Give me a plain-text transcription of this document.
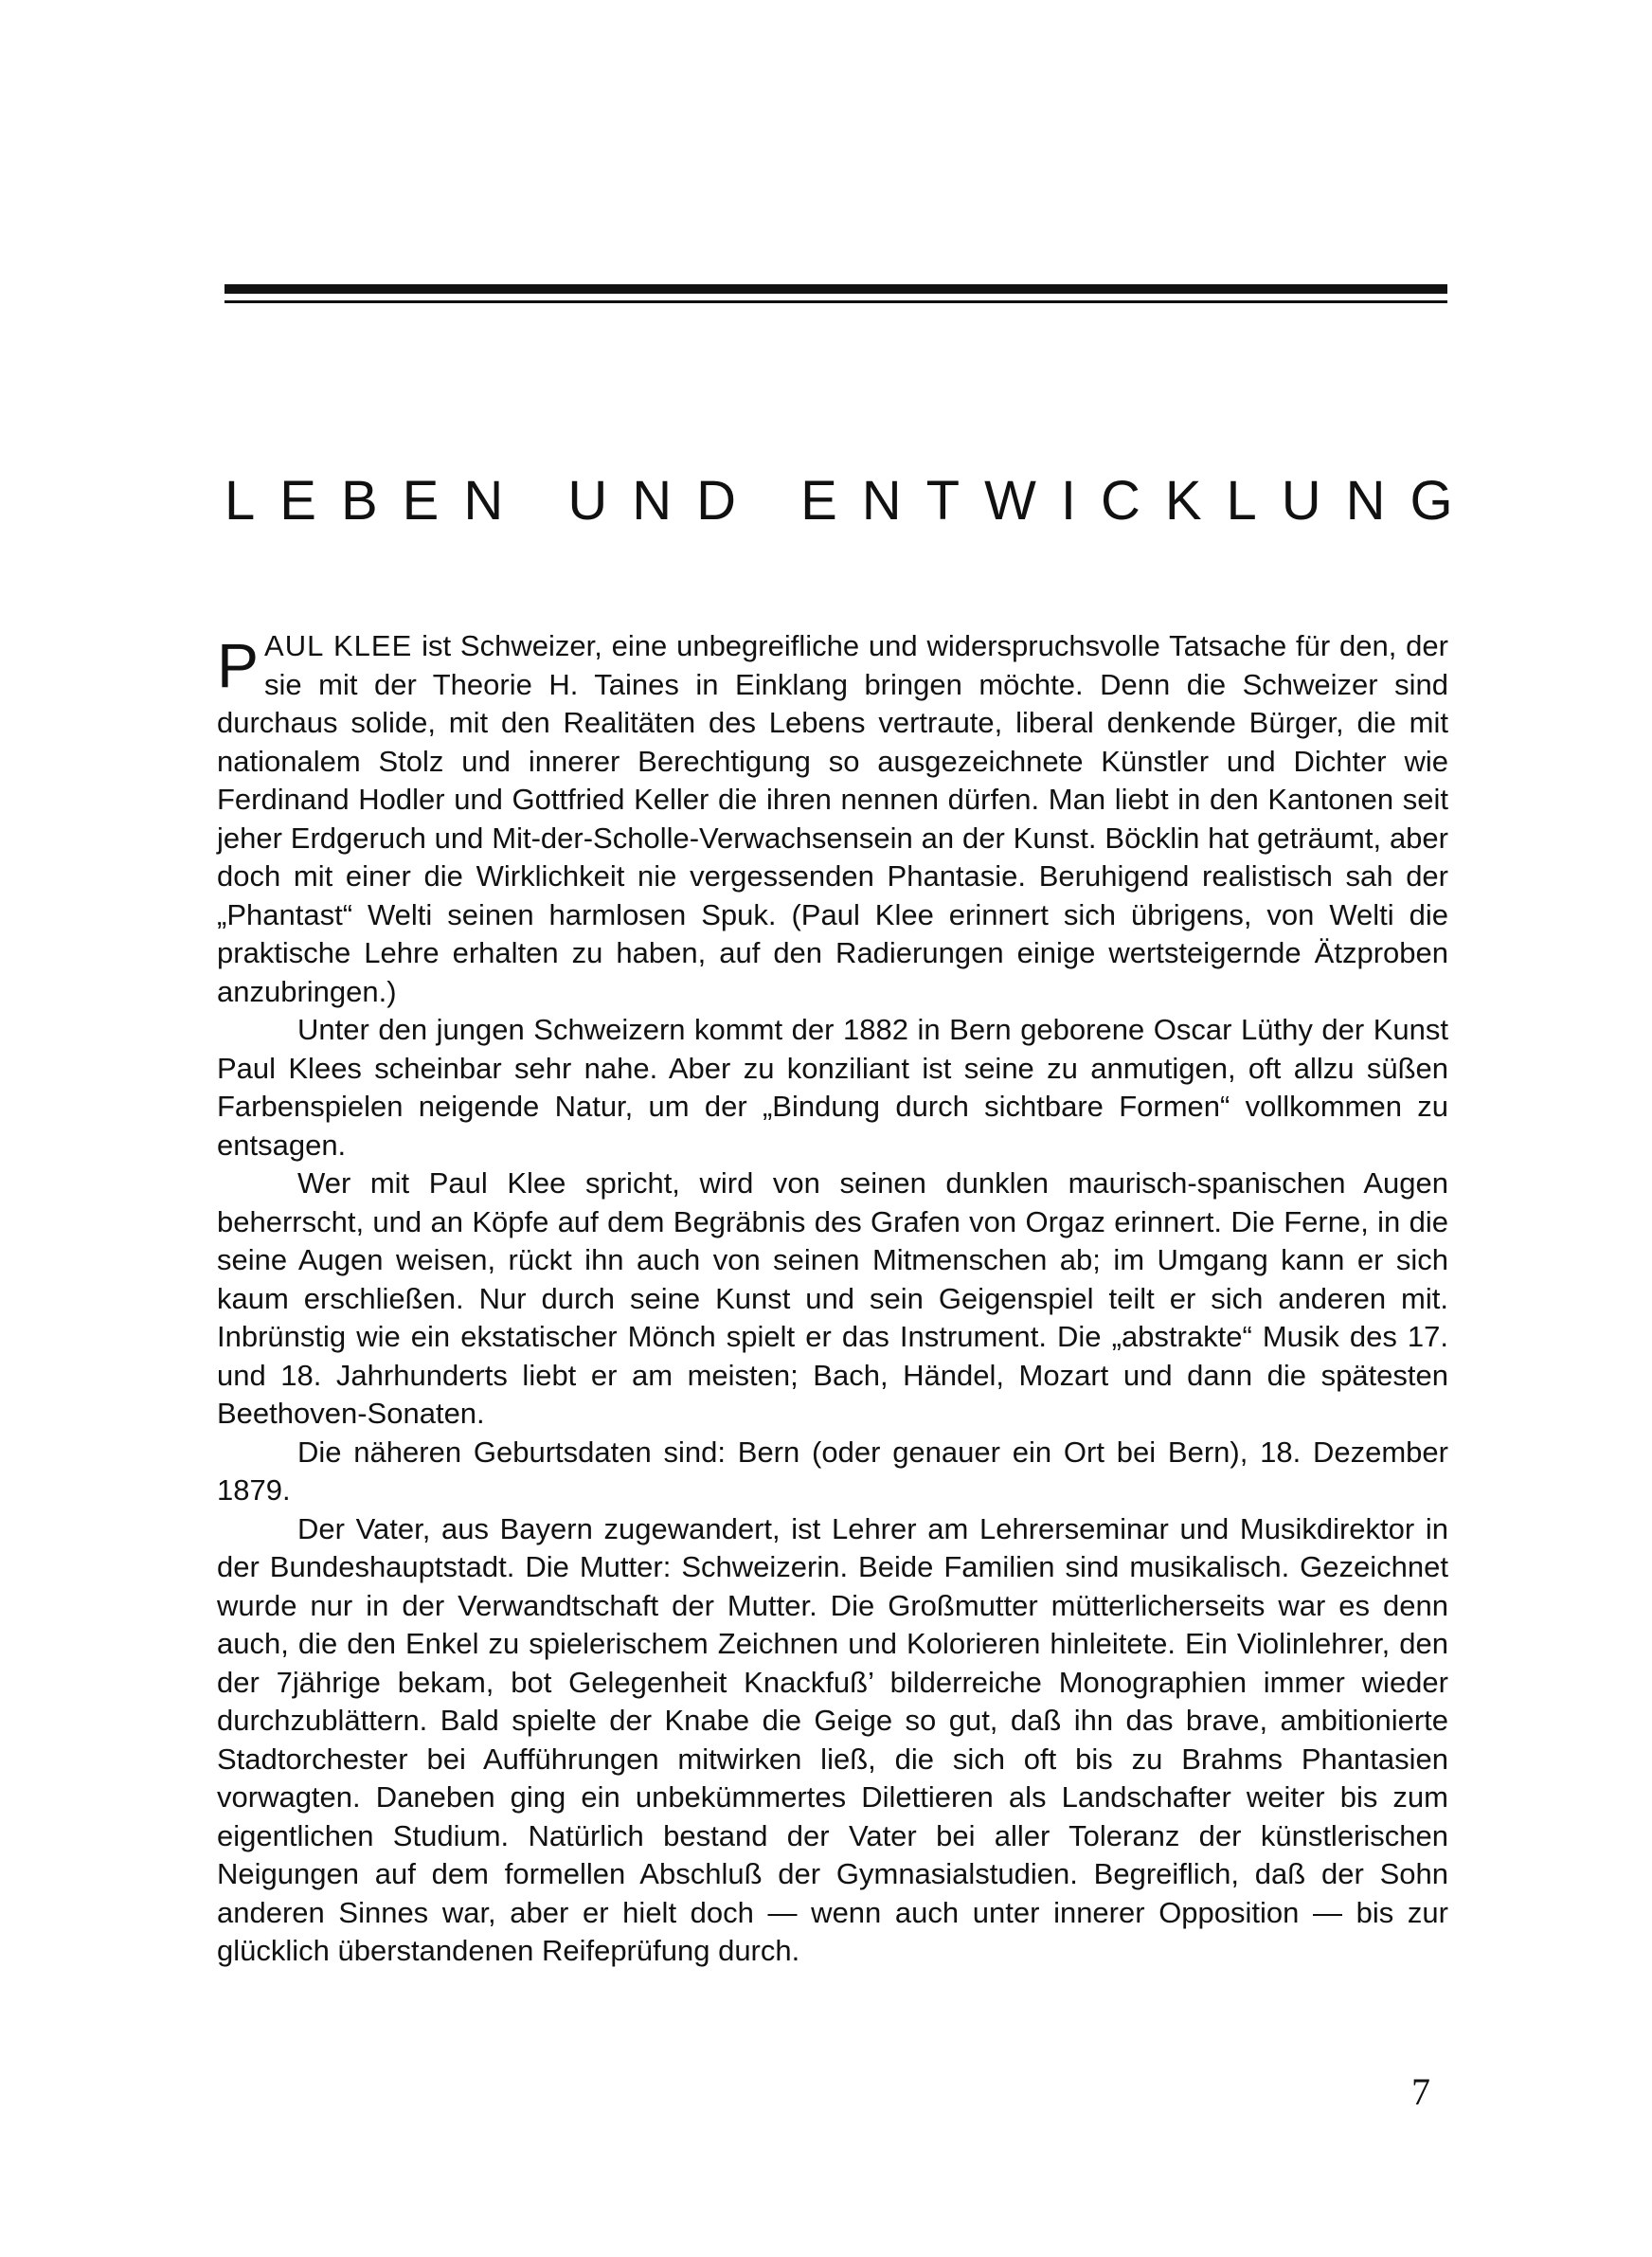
LEBEN UND ENTWICKLUNG

PAUL KLEE ist Schweizer, eine unbegreifliche und widerspruchsvolle Tatsache für den, der sie mit der Theorie H. Taines in Einklang bringen möchte. Denn die Schweizer sind durchaus solide, mit den Realitäten des Lebens vertraute, liberal denkende Bürger, die mit nationalem Stolz und innerer Berechtigung so ausgezeichnete Künstler und Dichter wie Ferdinand Hodler und Gottfried Keller die ihren nennen dürfen. Man liebt in den Kantonen seit jeher Erdgeruch und Mit-der-Scholle-Verwachsensein an der Kunst. Böcklin hat geträumt, aber doch mit einer die Wirklichkeit nie vergessenden Phantasie. Beruhigend realistisch sah der „Phantast“ Welti seinen harmlosen Spuk. (Paul Klee erinnert sich übrigens, von Welti die praktische Lehre erhalten zu haben, auf den Radierungen einige wertsteigernde Ätzproben anzubringen.)

Unter den jungen Schweizern kommt der 1882 in Bern geborene Oscar Lüthy der Kunst Paul Klees scheinbar sehr nahe. Aber zu konziliant ist seine zu anmutigen, oft allzu süßen Farbenspielen neigende Natur, um der „Bindung durch sichtbare Formen“ vollkommen zu entsagen.

Wer mit Paul Klee spricht, wird von seinen dunklen maurisch-spanischen Augen beherrscht, und an Köpfe auf dem Begräbnis des Grafen von Orgaz erinnert. Die Ferne, in die seine Augen weisen, rückt ihn auch von seinen Mitmenschen ab; im Umgang kann er sich kaum erschließen. Nur durch seine Kunst und sein Geigenspiel teilt er sich anderen mit. Inbrünstig wie ein ekstatischer Mönch spielt er das Instrument. Die „abstrakte“ Musik des 17. und 18. Jahrhunderts liebt er am meisten; Bach, Händel, Mozart und dann die spätesten Beethoven-Sonaten.

Die näheren Geburtsdaten sind: Bern (oder genauer ein Ort bei Bern), 18. Dezember 1879.

Der Vater, aus Bayern zugewandert, ist Lehrer am Lehrerseminar und Musikdirektor in der Bundeshauptstadt. Die Mutter: Schweizerin. Beide Familien sind musikalisch. Gezeichnet wurde nur in der Verwandtschaft der Mutter. Die Großmutter mütterlicherseits war es denn auch, die den Enkel zu spielerischem Zeichnen und Kolorieren hinleitete. Ein Violinlehrer, den der 7jährige bekam, bot Gelegenheit Knackfuß’ bilderreiche Monographien immer wieder durchzublättern. Bald spielte der Knabe die Geige so gut, daß ihn das brave, ambitionierte Stadtorchester bei Aufführungen mitwirken ließ, die sich oft bis zu Brahms Phantasien vorwagten. Daneben ging ein unbekümmertes Dilettieren als Landschafter weiter bis zum eigentlichen Studium. Natürlich bestand der Vater bei aller Toleranz der künstlerischen Neigungen auf dem formellen Abschluß der Gymnasialstudien. Begreiflich, daß der Sohn anderen Sinnes war, aber er hielt doch — wenn auch unter innerer Opposition — bis zur glücklich überstandenen Reifeprüfung durch.

7
